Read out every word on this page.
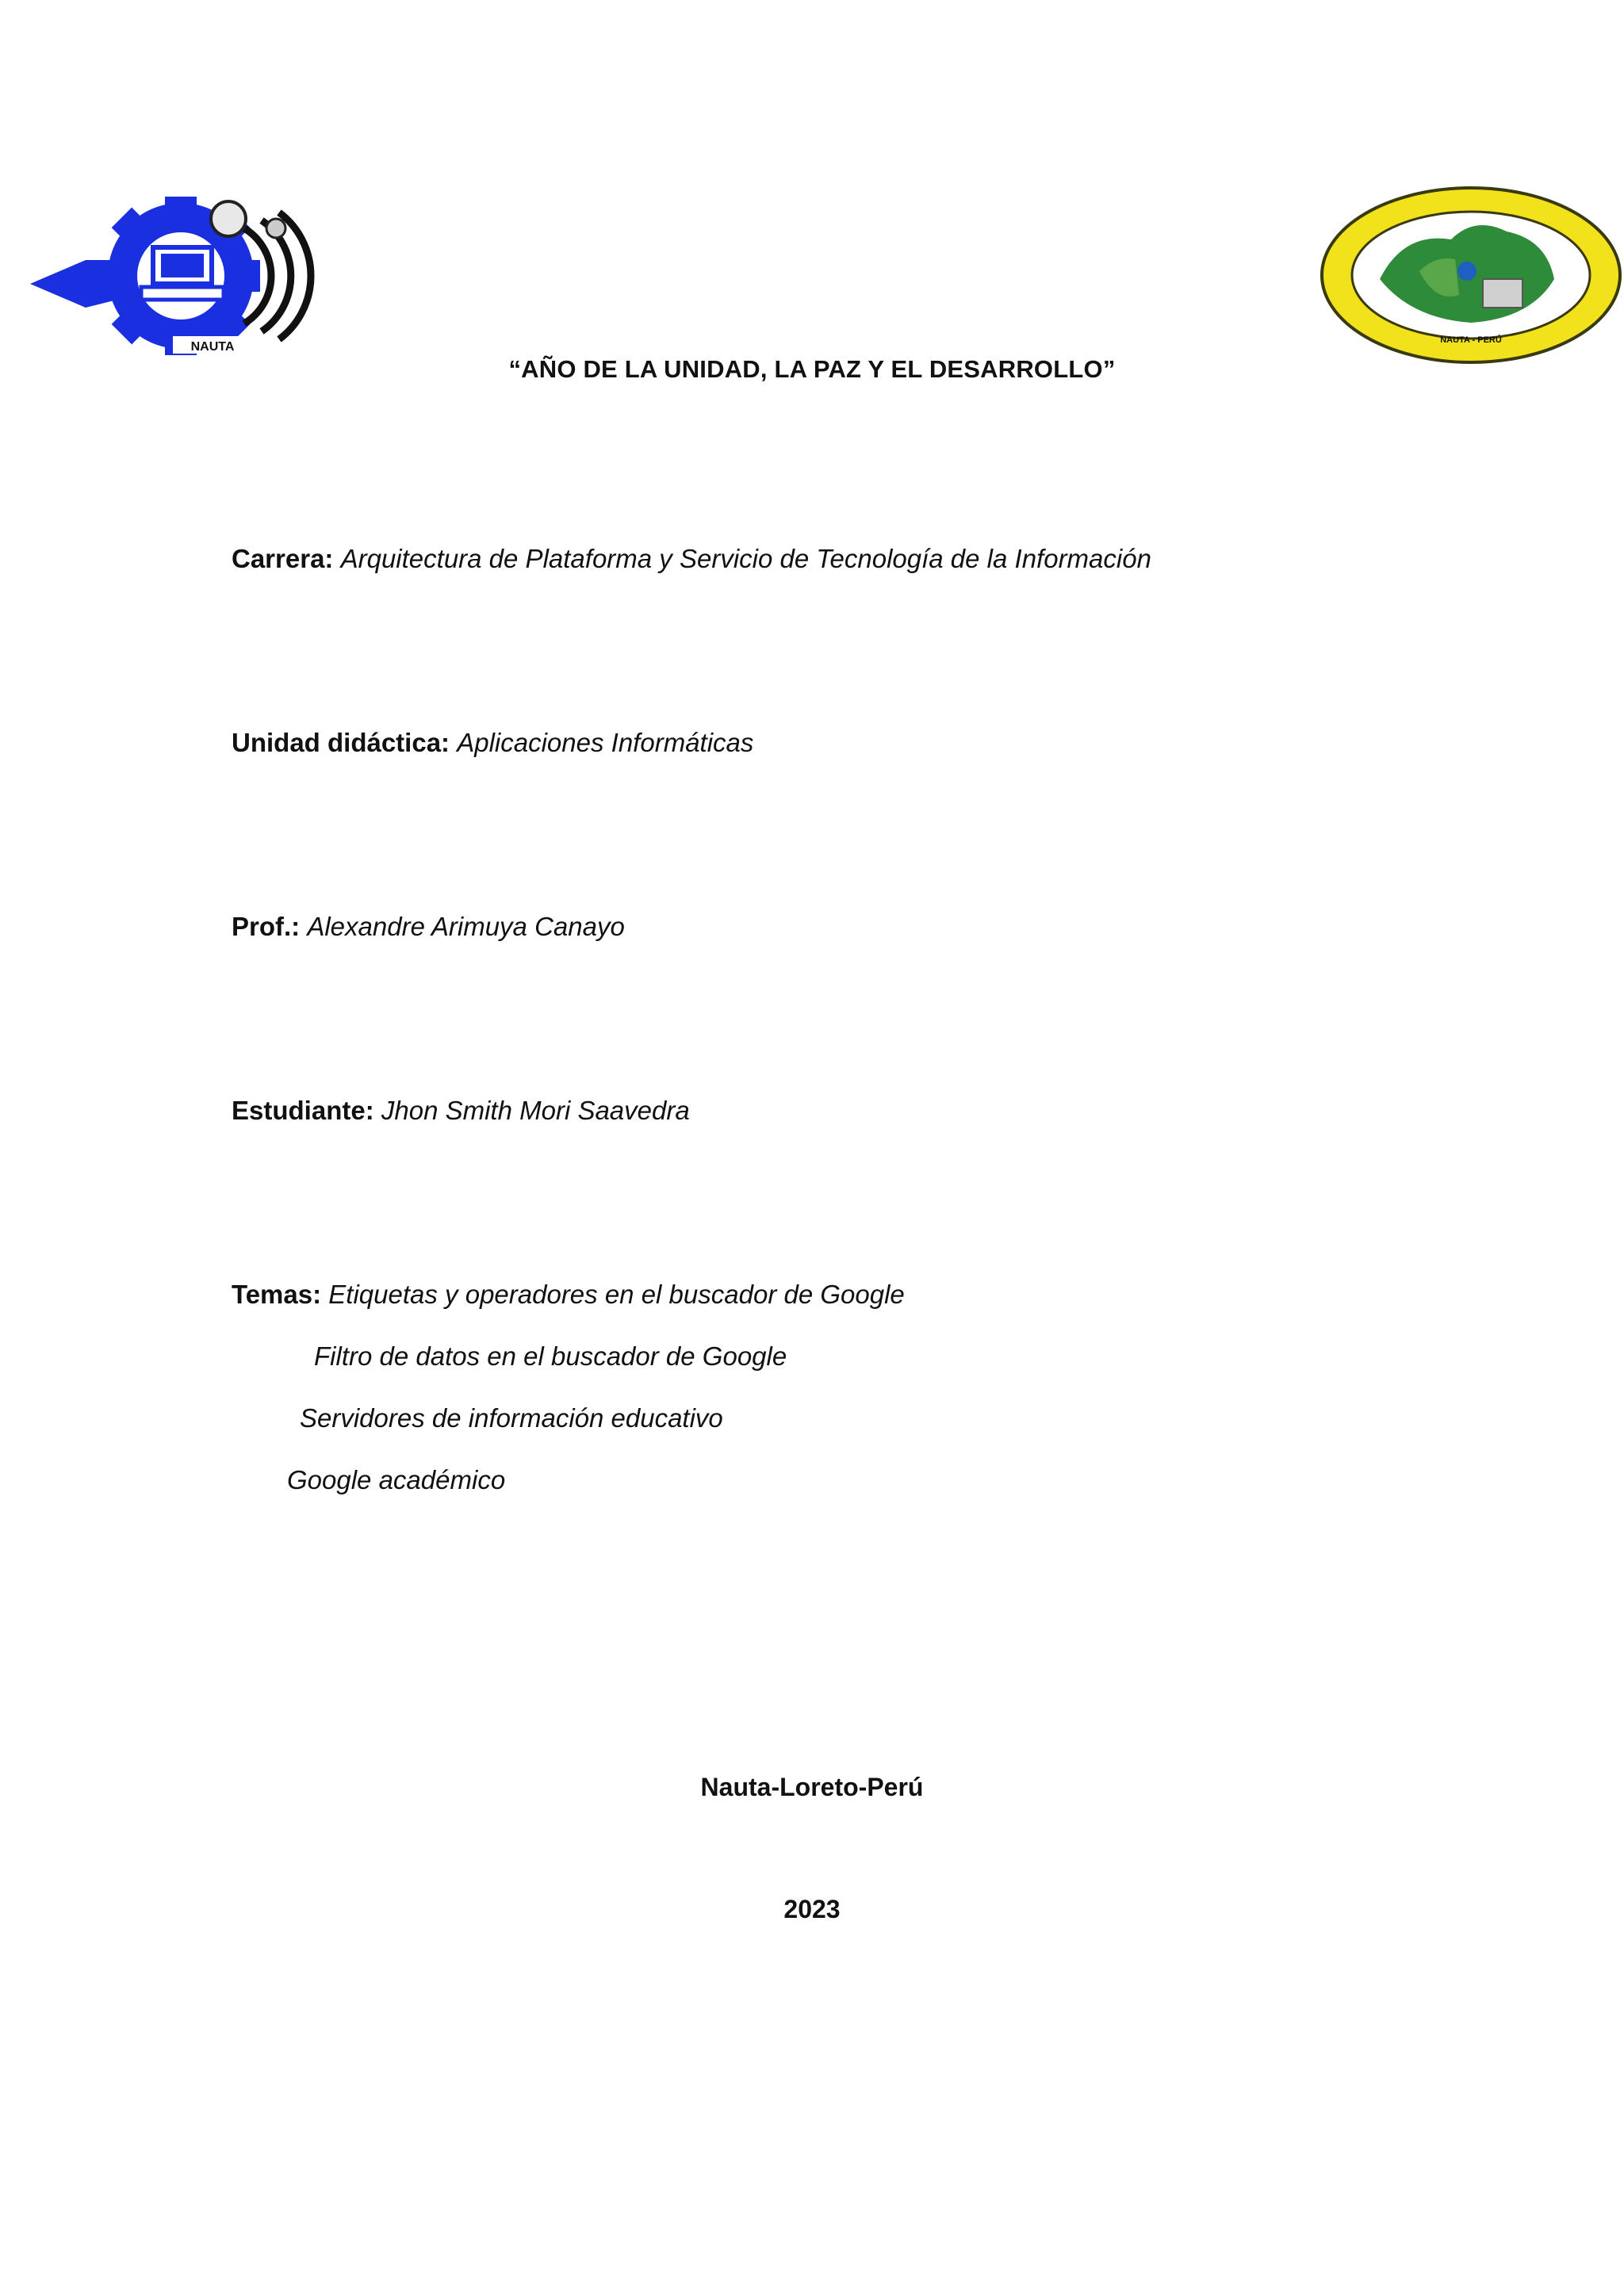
NAUTA	NAUTA - PERÚ
“AÑO DE LA UNIDAD, LA PAZ Y EL DESARROLLO”
Carrera: Arquitectura de Plataforma y Servicio de Tecnología de la Información
Unidad didáctica: Aplicaciones Informáticas
Prof.: Alexandre Arimuya Canayo
Estudiante: Jhon Smith Mori Saavedra
Temas: Etiquetas y operadores en el buscador de Google
Filtro de datos en el buscador de Google
Servidores de información educativo
Google académico
Nauta-Loreto-Perú
2023
